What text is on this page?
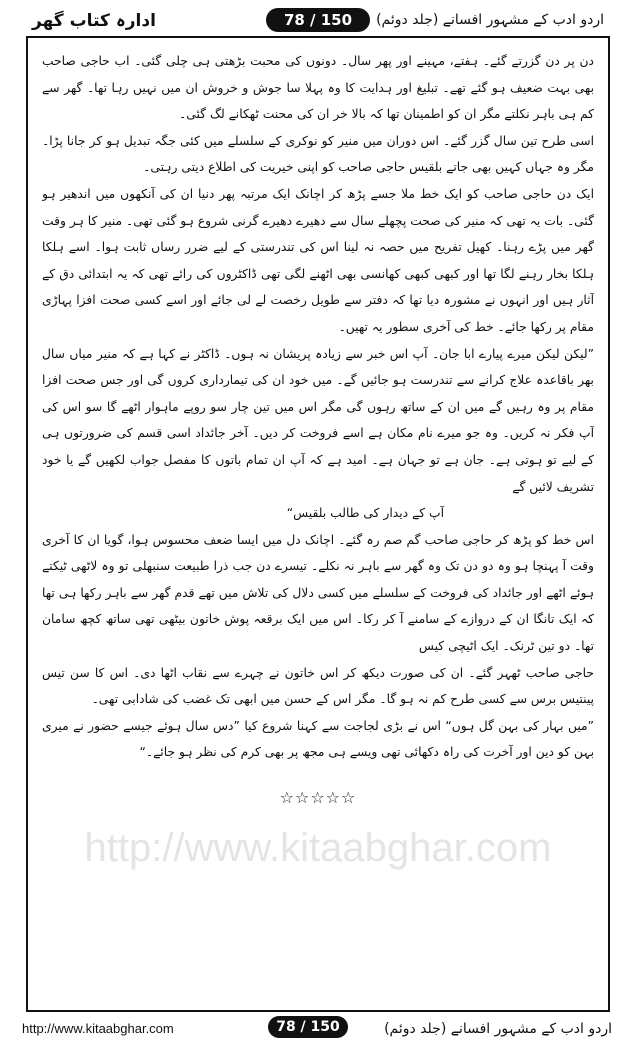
ادارہ کتاب گھر	78 / 150	اردو ادب کے مشہور افسانے (جلد دوئم)

دن پر دن گزرتے گئے۔ ہفتے، مہینے اور پھر سال۔ دونوں کی محبت بڑھتی ہی چلی گئی۔ اب حاجی صاحب بھی بہت ضعیف ہو گئے تھے۔ تبلیغ اور ہدایت کا وہ پہلا سا جوش و خروش ان میں نہیں رہا تھا۔ گھر سے کم ہی باہر نکلتے مگر ان کو اطمینان تھا کہ بالا خر ان کی محنت ٹھکانے لگ گئی۔

اسی طرح تین سال گزر گئے۔ اس دوران میں منیر کو نوکری کے سلسلے میں کئی جگہ تبدیل ہو کر جانا پڑا۔ مگر وہ جہاں کہیں بھی جاتے بلقیس حاجی صاحب کو اپنی خیریت کی اطلاع دیتی رہتی۔

ایک دن حاجی صاحب کو ایک خط ملا جسے پڑھ کر اچانک ایک مرتبہ پھر دنیا ان کی آنکھوں میں اندھیر ہو گئی۔ بات یہ تھی کہ منیر کی صحت پچھلے سال سے دھیرے دھیرے گرنی شروع ہو گئی تھی۔ منیر کا ہر وقت گھر میں پڑے رہنا۔ کھیل تفریح میں حصہ نہ لینا اس کی تندرستی کے لیے ضرر رساں ثابت ہوا۔ اسے ہلکا ہلکا بخار رہنے لگا تھا اور کبھی کبھی کھانسی بھی اٹھنے لگی تھی ڈاکٹروں کی رائے تھی کہ یہ ابتدائی دق کے آثار ہیں اور انہوں نے مشورہ دیا تھا کہ دفتر سے طویل رخصت لے لی جائے اور اسے کسی صحت افزا پہاڑی مقام پر رکھا جائے۔ خط کی آخری سطور یہ تھیں۔

”لیکن لیکن میرے پیارے ابا جان۔ آپ اس خبر سے زیادہ پریشان نہ ہوں۔ ڈاکٹر نے کہا ہے کہ منیر میاں سال بھر باقاعدہ علاج کرانے سے تندرست ہو جائیں گے۔ میں خود ان کی تیمارداری کروں گی اور جس صحت افزا مقام پر وہ رہیں گے میں ان کے ساتھ رہوں گی مگر اس میں تین چار سو روپے ماہوار اٹھے گا سو اس کی آپ فکر نہ کریں۔ وہ جو میرے نام مکان ہے اسے فروخت کر دیں۔ آخر جائداد اسی قسم کی ضرورتوں ہی کے لیے تو ہوتی ہے۔ جان ہے تو جہان ہے۔ امید ہے کہ آپ ان تمام باتوں کا مفصل جواب لکھیں گے یا خود تشریف لائیں گے

آپ کے دیدار کی طالب بلقیس“

اس خط کو پڑھ کر حاجی صاحب گم صم رہ گئے۔ اچانک دل میں ایسا ضعف محسوس ہوا، گویا ان کا آخری وقت آ پہنچا ہو وہ دو دن تک وہ گھر سے باہر نہ نکلے۔ تیسرے دن جب ذرا طبیعت سنبھلی تو وہ لاٹھی ٹیکتے ہوئے اٹھے اور جائداد کی فروخت کے سلسلے میں کسی دلال کی تلاش میں تھے قدم گھر سے باہر رکھا ہی تھا کہ ایک تانگا ان کے دروازے کے سامنے آ کر رکا۔ اس میں ایک برقعہ پوش خاتون بیٹھی تھی ساتھ کچھ سامان تھا۔ دو تین ٹرنک۔ ایک اٹیچی کیس

حاجی صاحب ٹھہر گئے۔ ان کی صورت دیکھ کر اس خاتون نے چہرے سے نقاب اٹھا دی۔ اس کا سن تیس پینتیس برس سے کسی طرح کم نہ ہو گا۔ مگر اس کے حسن میں ابھی تک غضب کی شادابی تھی۔

”میں بہار کی بہن گل ہوں“ اس نے بڑی لجاجت سے کہنا شروع کیا ”دس سال ہوئے جیسے حضور نے میری بہن کو دین اور آخرت کی راہ دکھائی تھی ویسے ہی مجھ پر بھی کرم کی نظر ہو جائے۔“

☆☆☆☆☆
http://www.kitaabghar.com
http://www.kitaabghar.com	78 / 150	اردو ادب کے مشہور افسانے (جلد دوئم)
